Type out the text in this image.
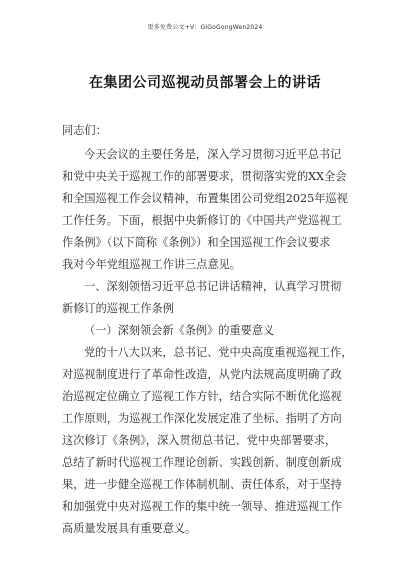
更多免费公文+V：GIGoGongWen2024
在集团公司巡视动员部署会上的讲话
同志们：
今天会议的主要任务是，深入学习贯彻习近平总书记
和党中央关于巡视工作的部署要求，贯彻落实党的XX全会
和全国巡视工作会议精神，布置集团公司党组2025年巡视
工作任务。下面，根据中央新修订的《中国共产党巡视工
作条例》（以下简称《条例》）和全国巡视工作会议要求
我对今年党组巡视工作讲三点意见。
一、深刻领悟习近平总书记讲话精神，认真学习贯彻
新修订的巡视工作条例
（一）深刻领会新《条例》的重要意义
党的十八大以来，总书记、党中央高度重视巡视工作，
对巡视制度进行了革命性改造，从党内法规高度明确了政
治巡视定位确立了巡视工作方针，结合实际不断优化巡视
工作原则，为巡视工作深化发展定准了坐标、指明了方向
这次修订《条例》，深入贯彻总书记、党中央部署要求，
总结了新时代巡视工作理论创新、实践创新、制度创新成
果，进一步健全巡视工作体制机制、责任体系，对于坚持
和加强党中央对巡视工作的集中统一领导、推进巡视工作
高质量发展具有重要意义。
